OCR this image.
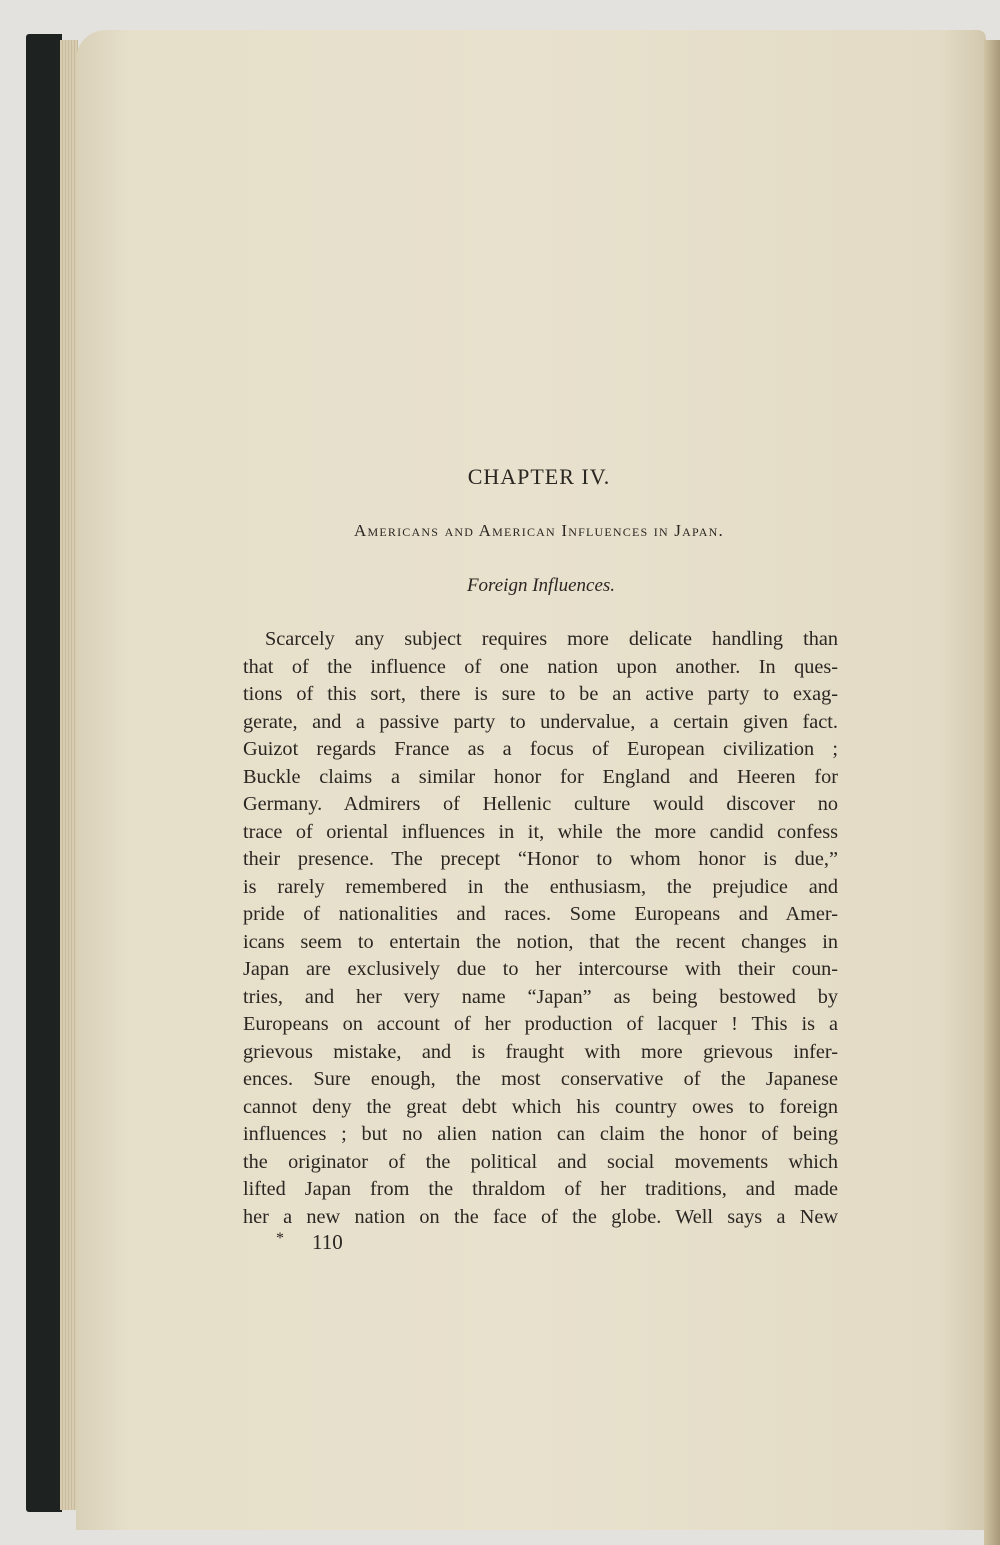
CHAPTER IV.
Americans and American Influences in Japan.
Foreign Influences.
Scarcely any subject requires more delicate handling than
that of the influence of one nation upon another. In ques-
tions of this sort, there is sure to be an active party to exag-
gerate, and a passive party to undervalue, a certain given fact.
Guizot regards France as a focus of European civilization ;
Buckle claims a similar honor for England and Heeren for
Germany. Admirers of Hellenic culture would discover no
trace of oriental influences in it, while the more candid confess
their presence. The precept “Honor to whom honor is due,”
is rarely remembered in the enthusiasm, the prejudice and
pride of nationalities and races. Some Europeans and Amer-
icans seem to entertain the notion, that the recent changes in
Japan are exclusively due to her intercourse with their coun-
tries, and her very name “Japan” as being bestowed by
Europeans on account of her production of lacquer ! This is a
grievous mistake, and is fraught with more grievous infer-
ences. Sure enough, the most conservative of the Japanese
cannot deny the great debt which his country owes to foreign
influences ; but no alien nation can claim the honor of being
the originator of the political and social movements which
lifted Japan from the thraldom of her traditions, and made
her a new nation on the face of the globe. Well says a New
* 110
